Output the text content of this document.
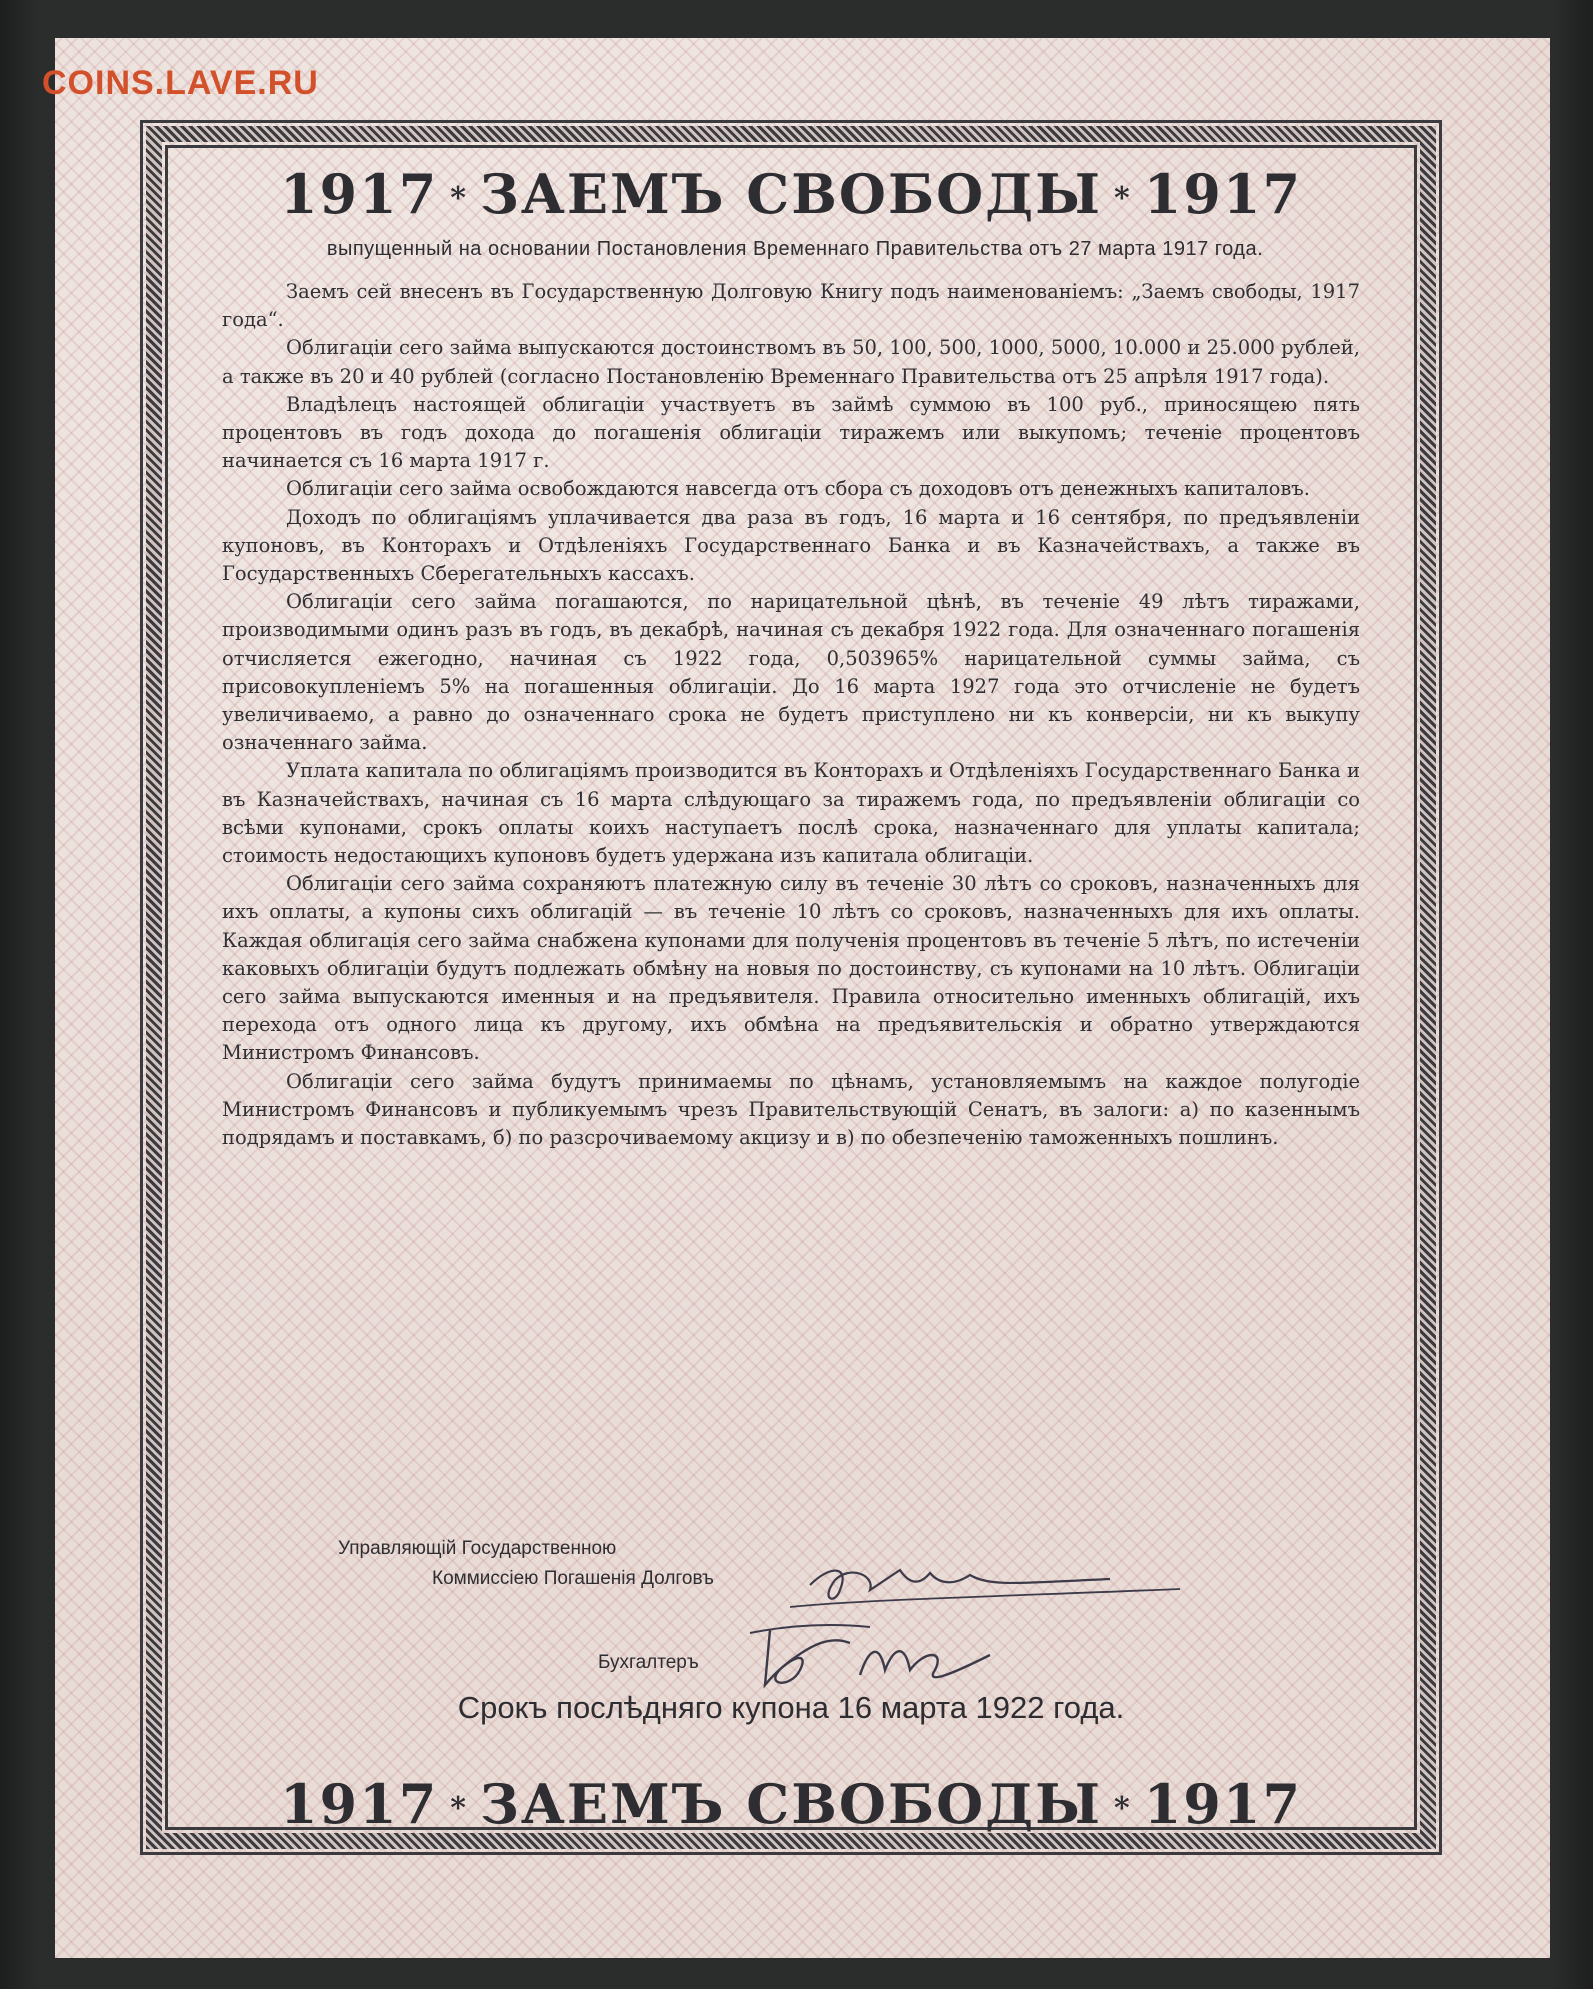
COINS.LAVE.RU
1917 * ЗАЕМЪ СВОБОДЫ * 1917
выпущенный на основании Постановления Временнаго Правительства отъ 27 марта 1917 года.

Заемъ сей внесенъ въ Государственную Долговую Книгу подъ наименованіемъ: „Заемъ свободы, 1917 года“.

Облигаціи сего займа выпускаются достоинствомъ въ 50, 100, 500, 1000, 5000, 10.000 и 25.000 рублей, а также въ 20 и 40 рублей (согласно Постановленію Временнаго Правительства отъ 25 апрѣля 1917 года).

Владѣлецъ настоящей облигаціи участвуетъ въ займѣ суммою въ 100 руб., приносящею пять процентовъ въ годъ дохода до погашенія облигаціи тиражемъ или выкупомъ; теченіе процентовъ начинается съ 16 марта 1917 г.

Облигаціи сего займа освобождаются навсегда отъ сбора съ доходовъ отъ денежныхъ капиталовъ.

Доходъ по облигаціямъ уплачивается два раза въ годъ, 16 марта и 16 сентября, по предъявленіи купоновъ, въ Конторахъ и Отдѣленіяхъ Государственнаго Банка и въ Казначействахъ, а также въ Государственныхъ Сберегательныхъ кассахъ.

Облигаціи сего займа погашаются, по нарицательной цѣнѣ, въ теченіе 49 лѣтъ тиражами, производимыми одинъ разъ въ годъ, въ декабрѣ, начиная съ декабря 1922 года. Для означеннаго погашенія отчисляется ежегодно, начиная съ 1922 года, 0,503965% нарицательной суммы займа, съ присовокупленіемъ 5% на погашенныя облигаціи. До 16 марта 1927 года это отчисленіе не будетъ увеличиваемо, а равно до означеннаго срока не будетъ приступлено ни къ конверсіи, ни къ выкупу означеннаго займа.

Уплата капитала по облигаціямъ производится въ Конторахъ и Отдѣленіяхъ Государственнаго Банка и въ Казначействахъ, начиная съ 16 марта слѣдующаго за тиражемъ года, по предъявленіи облигаціи со всѣми купонами, срокъ оплаты коихъ наступаетъ послѣ срока, назначеннаго для уплаты капитала; стоимость недостающихъ купоновъ будетъ удержана изъ капитала облигаціи.

Облигаціи сего займа сохраняютъ платежную силу въ теченіе 30 лѣтъ со сроковъ, назначенныхъ для ихъ оплаты, а купоны сихъ облигацій — въ теченіе 10 лѣтъ со сроковъ, назначенныхъ для ихъ оплаты. Каждая облигація сего займа снабжена купонами для полученія процентовъ въ теченіе 5 лѣтъ, по истеченіи каковыхъ облигаціи будутъ подлежать обмѣну на новыя по достоинству, съ купонами на 10 лѣтъ. Облигаціи сего займа выпускаются именныя и на предъявителя. Правила относительно именныхъ облигацій, ихъ перехода отъ одного лица къ другому, ихъ обмѣна на предъявительскія и обратно утверждаются Министромъ Финансовъ.

Облигаціи сего займа будутъ принимаемы по цѣнамъ, установляемымъ на каждое полугодіе Министромъ Финансовъ и публикуемымъ чрезъ Правительствующій Сенатъ, въ залоги: а) по казеннымъ подрядамъ и поставкамъ, б) по разсрочиваемому акцизу и в) по обезпеченію таможенныхъ пошлинъ.

Управляющій Государственною
Коммиссіею Погашенія Долговъ
Бухгалтеръ
Срокъ послѣдняго купона 16 марта 1922 года.
1917 * ЗАЕМЪ СВОБОДЫ * 1917
